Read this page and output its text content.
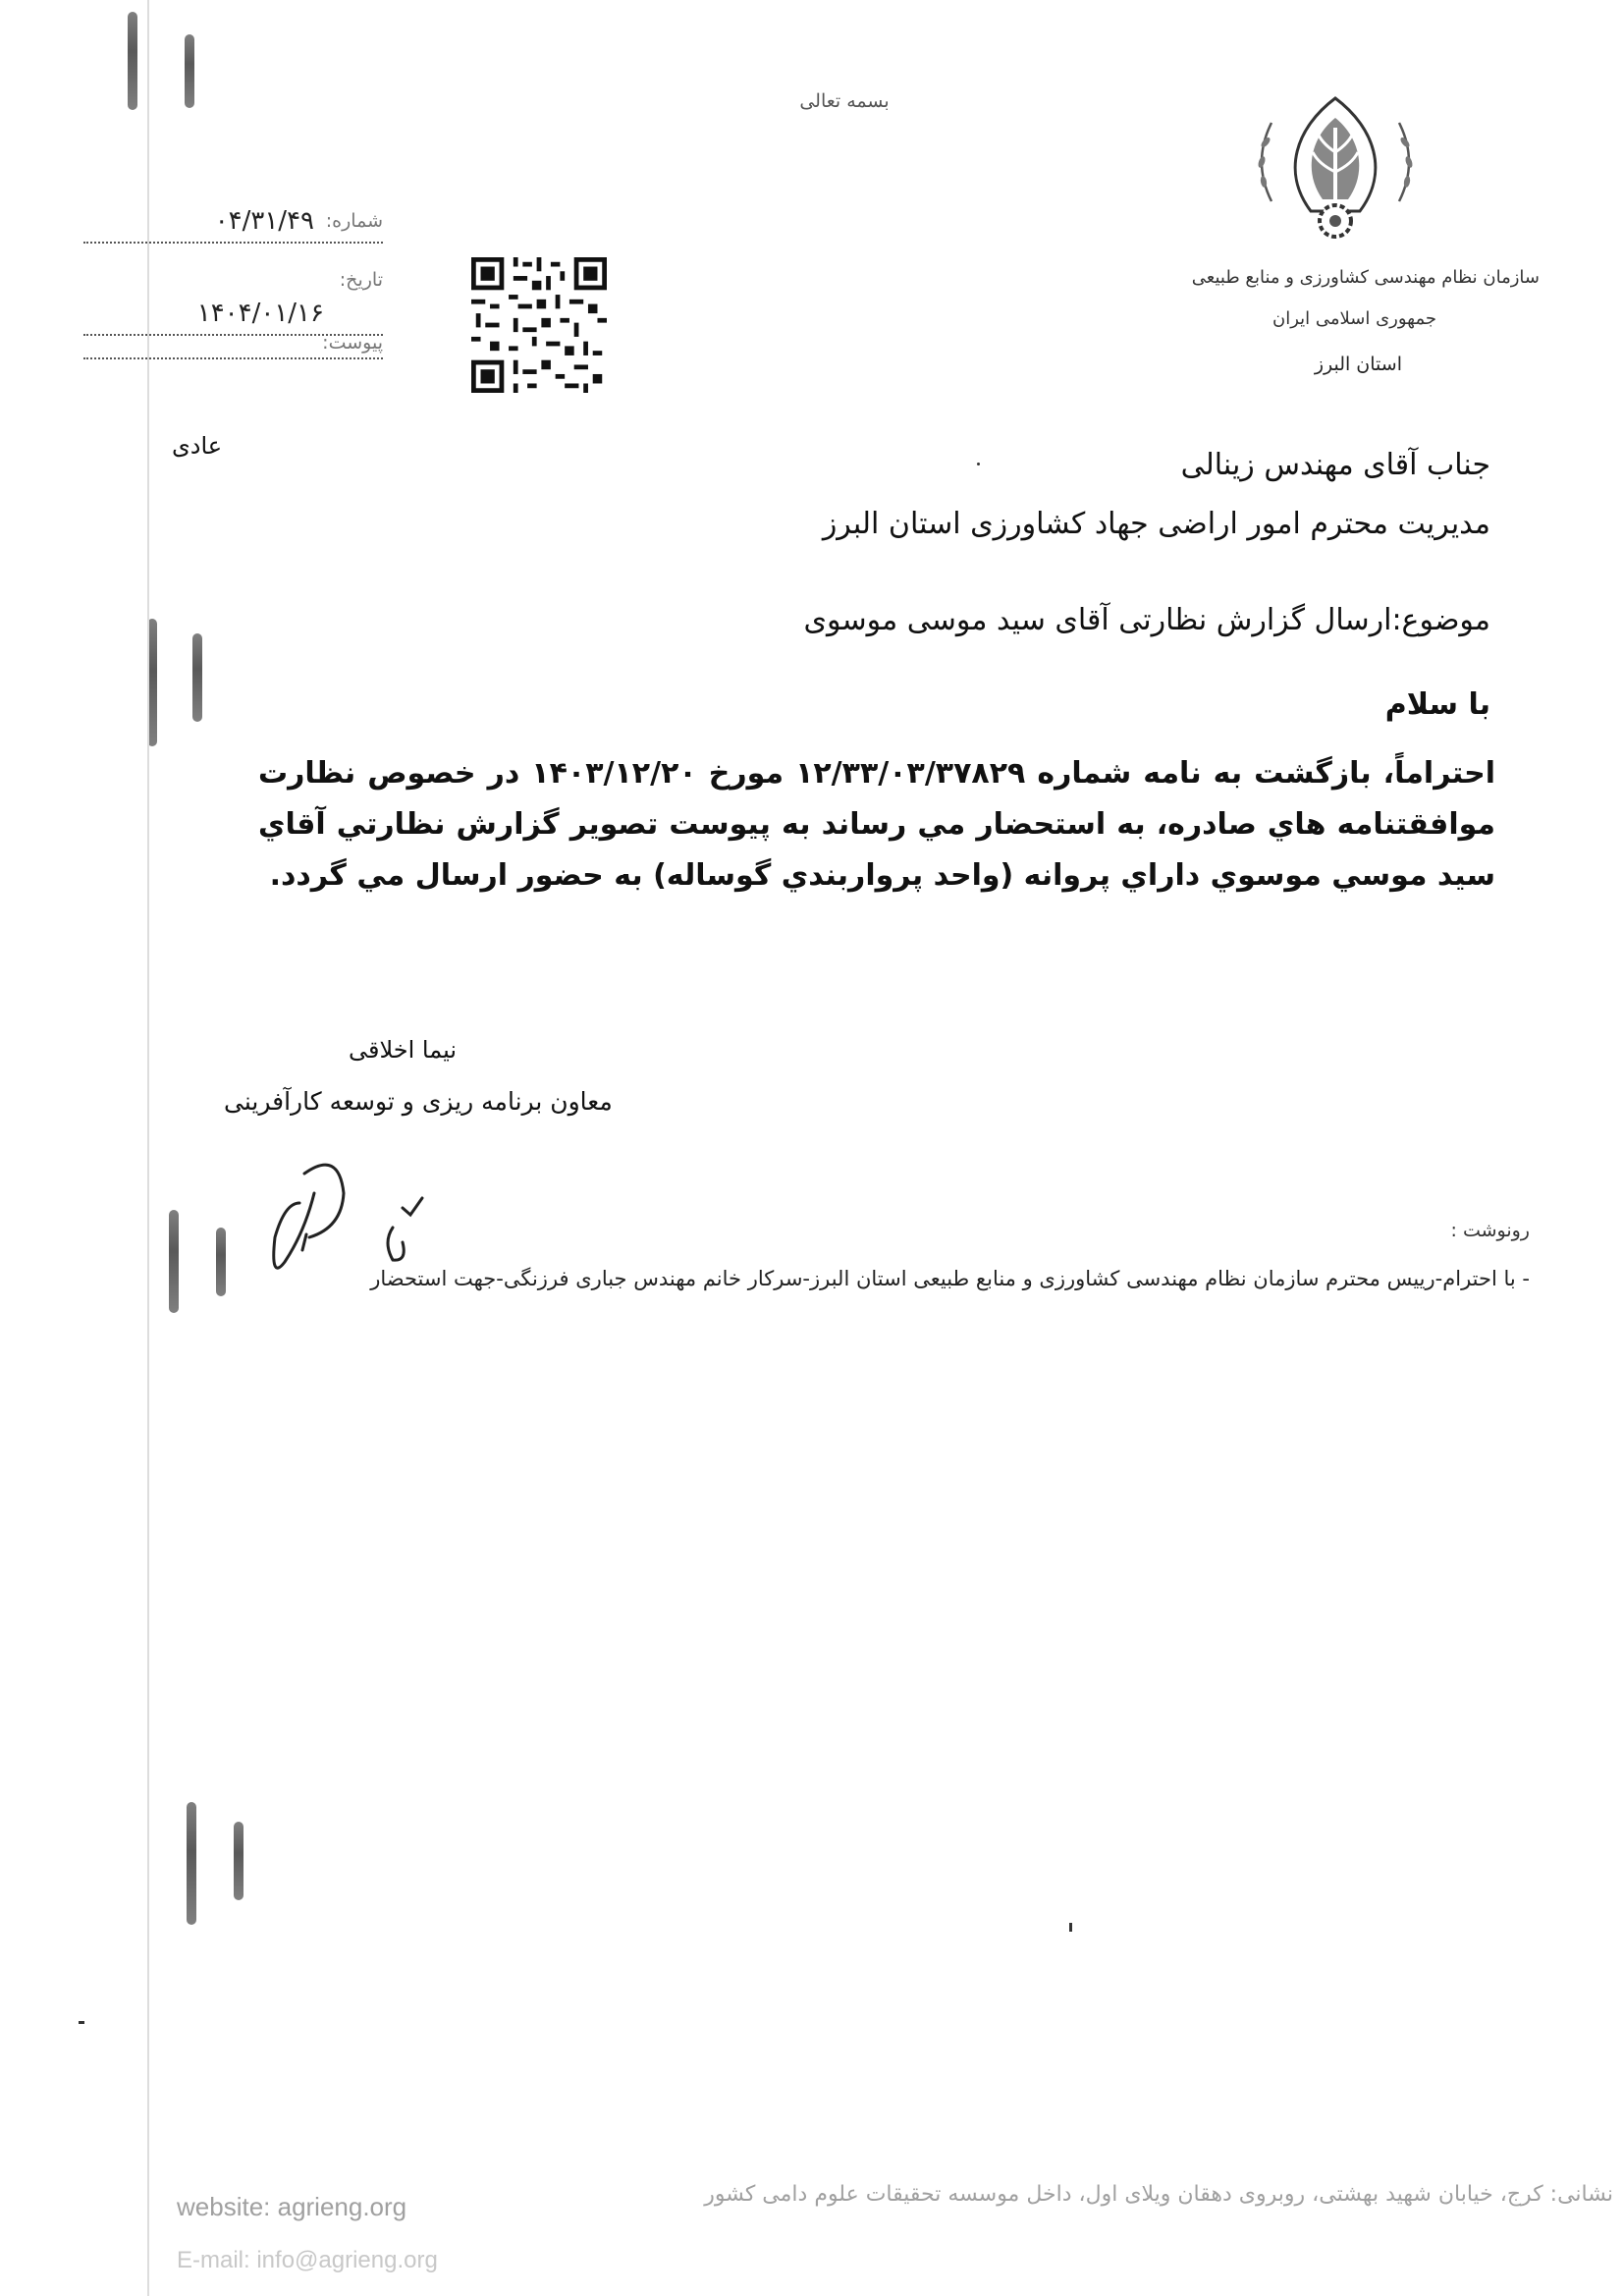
بسمه تعالی
شماره:
۰۴/۳۱/۴۹
تاریخ:
۱۴۰۴/۰۱/۱۶
پیوست:
سازمان نظام مهندسی کشاورزی و منابع طبیعی
جمهوری اسلامی ایران
استان البرز
عادی
جناب آقای مهندس زینالی
مدیریت محترم امور اراضی جهاد کشاورزی استان البرز
موضوع:ارسال گزارش نظارتی آقای سید موسی موسوی
با سلام
احتراماً، بازگشت به نامه شماره ۱۲/۳۳/۰۳/۳۷۸۲۹ مورخ ۱۴۰۳/۱۲/۲۰ در خصوص نظارت موافقتنامه هاي صادره، به استحضار مي رساند به پيوست تصوير گزارش نظارتي آقاي سيد موسي موسوي داراي پروانه (واحد پرواربندي گوساله) به حضور ارسال مي گردد.
نیما اخلاقی
معاون برنامه ریزی و توسعه کارآفرینی
رونوشت :
- با احترام-رییس محترم سازمان نظام مهندسی کشاورزی و منابع طبیعی استان البرز-سرکار خانم مهندس جباری فرزنگی-جهت استحضار
نشانی: کرج، خیابان شهید بهشتی، روبروی دهقان ویلای اول، داخل موسسه تحقیقات علوم دامی کشور
website: agrieng.org
E-mail: info@agrieng.org
